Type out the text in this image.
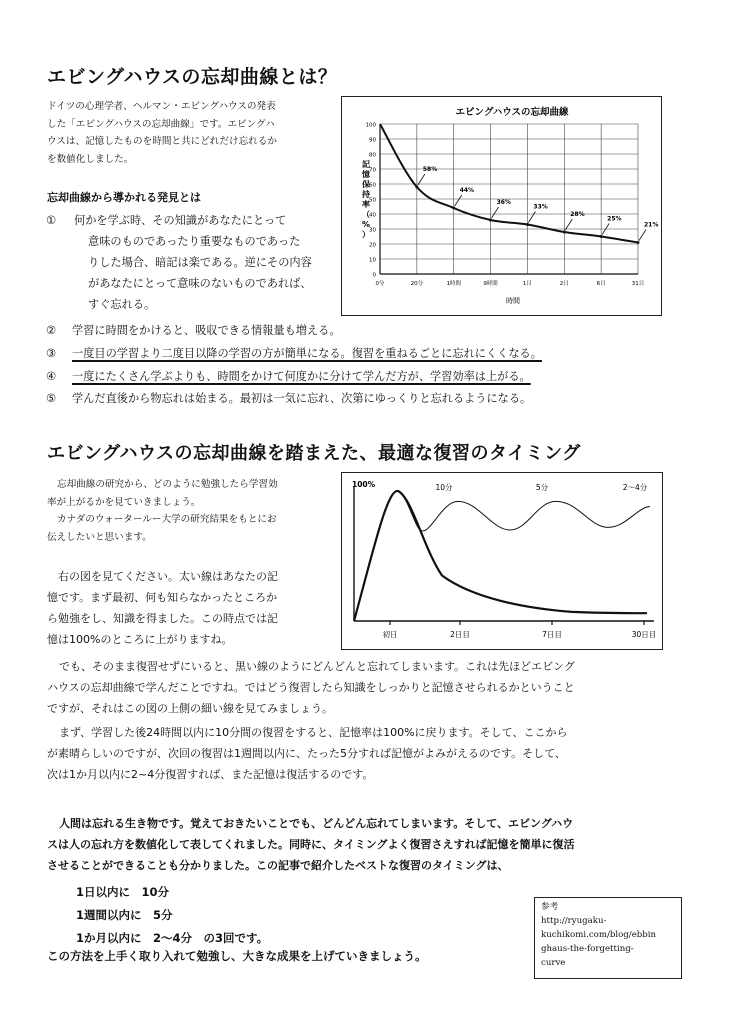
エビングハウスの忘却曲線とは？
ドイツの心理学者、ヘルマン・エビングハウスの発表
した「エビングハウスの忘却曲線」です。エビングハ
ウスは、記憶したものを時間と共にどれだけ忘れるか
を数値化しました。
忘却曲線から導かれる発見とは
① 何かを学ぶ時、その知識があなたにとって
意味のものであったり重要なものであった
りした場合、暗記は楽である。逆にその内容
があなたにとって意味のないものであれば、
すぐ忘れる。
② 学習に時間をかけると、吸収できる情報量も増える。
③ 一度目の学習より二度目以降の学習の方が簡単になる。復習を重ねるごとに忘れにくくなる。
④ 一度にたくさん学ぶよりも、時間をかけて何度かに分けて学んだ方が、学習効率は上がる。
⑤ 学んだ直後から物忘れは始まる。最初は一気に忘れ、次第にゆっくりと忘れるようになる。
エビングハウスの忘却曲線
記憶保持率（%）
時間
0
10
20
30
40
50
60
70
80
90
100
0分	20分	1時間	9時間	1日	2日	6日	31日
58%
44%
36%
33%
28%
25%
21%
エビングハウスの忘却曲線を踏まえた、最適な復習のタイミング
忘却曲線の研究から、どのように勉強したら学習効
率が上がるかを見ていきましょう。
カナダのウォータールー大学の研究結果をもとにお
伝えしたいと思います。
右の図を見てください。太い線はあなたの記
憶です。まず最初、何も知らなかったところか
ら勉強をし、知識を得ました。この時点では記
憶は100%のところに上がりますね。
100%
初日	2日目	7日目	30日目
10分	5分	2～4分
でも、そのまま復習せずにいると、黒い線のようにどんどんと忘れてしまいます。これは先ほどエビング
ハウスの忘却曲線で学んだことですね。ではどう復習したら知識をしっかりと記憶させられるかということ
ですが、それはこの図の上側の細い線を見てみましょう。
まず、学習した後24時間以内に10分間の復習をすると、記憶率は100%に戻ります。そして、ここから
が素晴らしいのですが、次回の復習は1週間以内に、たった5分すれば記憶がよみがえるのです。そして、
次は1か月以内に2~4分復習すれば、また記憶は復活するのです。
人間は忘れる生き物です。覚えておきたいことでも、どんどん忘れてしまいます。そして、エビングハウ
スは人の忘れ方を数値化して表してくれました。同時に、タイミングよく復習さえすれば記憶を簡単に復活
させることができることも分かりました。この記事で紹介したベストな復習のタイミングは、
1日以内に　10分
1週間以内に　5分
1か月以内に　2～4分　の3回です。
この方法を上手く取り入れて勉強し、大きな成果を上げていきましょう。
参考
http://ryugaku-
kuchikomi.com/blog/ebbin
ghaus-the-forgetting-
curve
